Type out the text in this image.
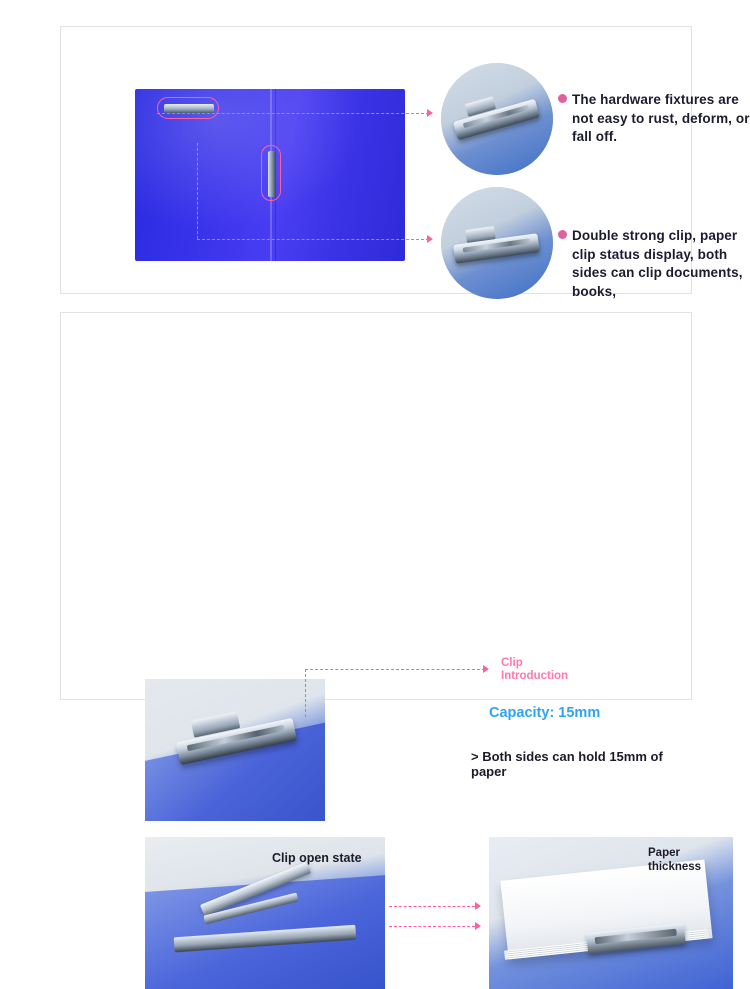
The hardware fixtures are not easy to rust, deform, or fall off.
Double strong clip, paper clip status display, both sides can clip documents, books,
Clip Introduction
Capacity: 15mm
> Both sides can hold 15mm of paper
Clip open state	Paper thickness
